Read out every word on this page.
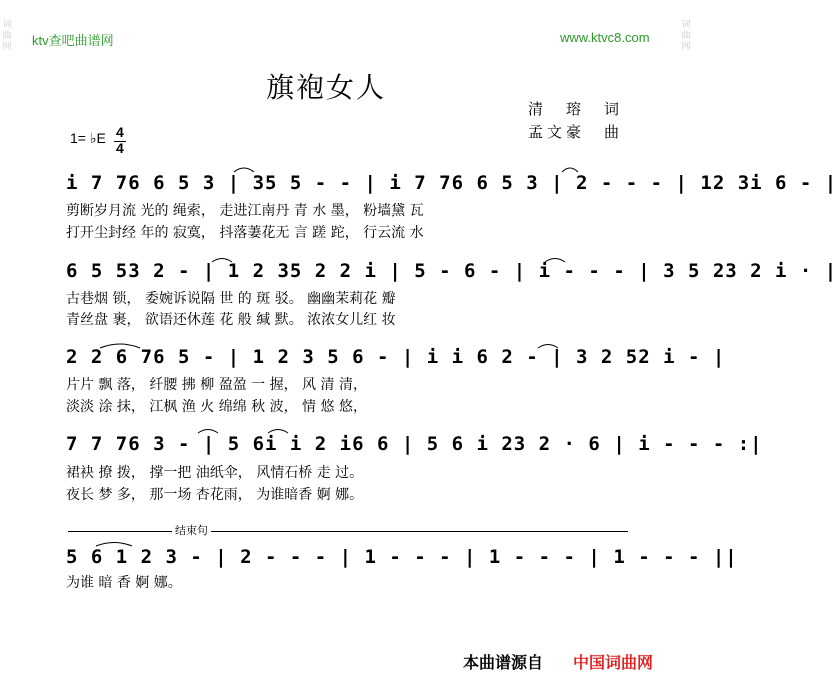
词曲网
词曲网
ktv查吧曲谱网	www.ktvc8.com
旗袍女人
清　瑢　词
孟文豪　曲
1= ♭E 4
4
i 7 76 6 5 3 | 35 5 - - | i 7 76 6 5 3 | 2 - - - | 12 3i 6 - |
剪断岁月流 光的 绳索， 走进江南丹 青 水 墨， 粉墙黛 瓦
打开尘封经 年的 寂寞， 抖落萋花无 言 蹉 跎， 行云流 水
6 5 53 2 - | 1 2 35 2 2 i | 5 - 6 - | i - - - | 3 5 23 2 i · |
古巷烟 锁， 委婉诉说隔 世 的 斑 驳。 幽幽茉莉花 瓣
青丝盘 裹， 欲语还休莲 花 般 缄 默。 浓浓女儿红 妆
2 2 6 76 5 - | 1 2 3 5 6 - | i i 6 2 - | 3 2 52 i - |
片片 飘 落， 纤腰 拂 柳 盈盈 一 握， 风 清 清，
淡淡 涂 抹， 江枫 渔 火 绵绵 秋 波， 情 悠 悠，
7 7 76 3 - | 5 6i i 2 i6 6 | 5 6 i 23 2 · 6 | i - - - :|
裙袂 撩 拨， 撑一把 油纸伞， 风情石桥 走 过。
夜长 梦 多， 那一场 杏花雨， 为谁暗香 婀 娜。
结束句
5 6 1 2 3 - | 2 - - - | 1 - - - | 1 - - - | 1 - - - ||
为谁 暗 香 婀 娜。
本曲谱源自 中国词曲网
